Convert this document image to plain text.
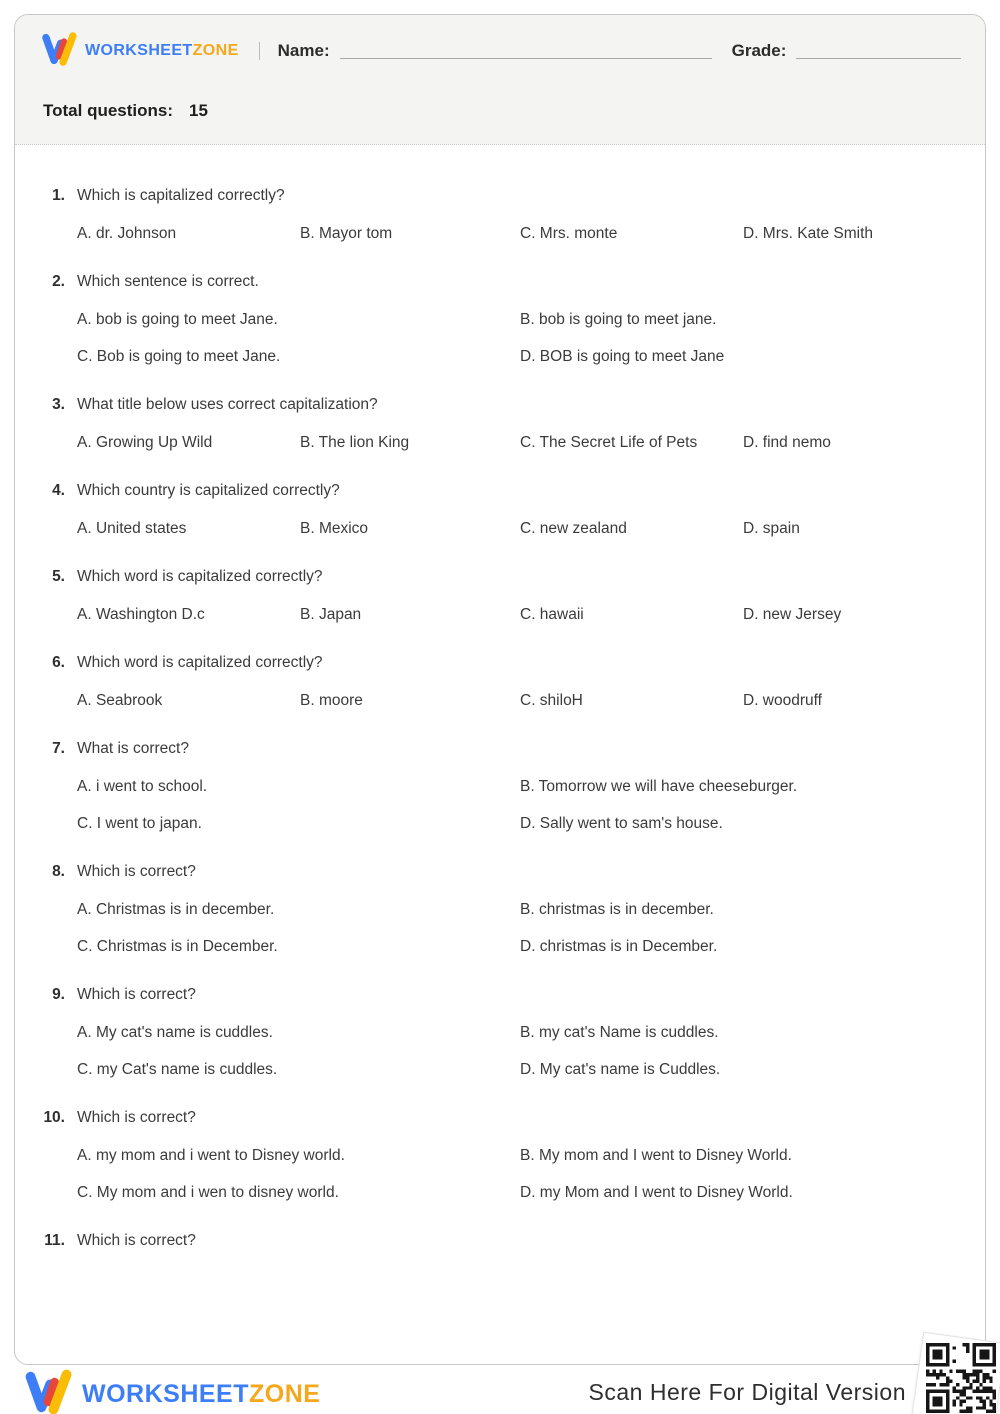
WORKSHEETZONE Name:	Grade:
Total questions: 15
1. Which is capitalized correctly?
A. dr. Johnson	B. Mayor tom	C. Mrs. monte	D. Mrs. Kate Smith
2. Which sentence is correct.
A. bob is going to meet Jane.	B. bob is going to meet jane.
C. Bob is going to meet Jane.	D. BOB is going to meet Jane
3. What title below uses correct capitalization?
A. Growing Up Wild	B. The lion King	C. The Secret Life of Pets	D. find nemo
4. Which country is capitalized correctly?
A. United states	B. Mexico	C. new zealand	D. spain
5. Which word is capitalized correctly?
A. Washington D.c	B. Japan	C. hawaii	D. new Jersey
6. Which word is capitalized correctly?
A. Seabrook	B. moore	C. shiloH	D. woodruff
7. What is correct?
A. i went to school.	B. Tomorrow we will have cheeseburger.
C. I went to japan.	D. Sally went to sam's house.
8. Which is correct?
A. Christmas is in december.	B. christmas is in december.
C. Christmas is in December.	D. christmas is in December.
9. Which is correct?
A. My cat's name is cuddles.	B. my cat's Name is cuddles.
C. my Cat's name is cuddles.	D. My cat's name is Cuddles.
10. Which is correct?
A. my mom and i went to Disney world.	B. My mom and I went to Disney World.
C. My mom and i wen to disney world.	D. my Mom and I went to Disney World.
11. Which is correct?
WORKSHEETZONE	Scan Here For Digital Version
